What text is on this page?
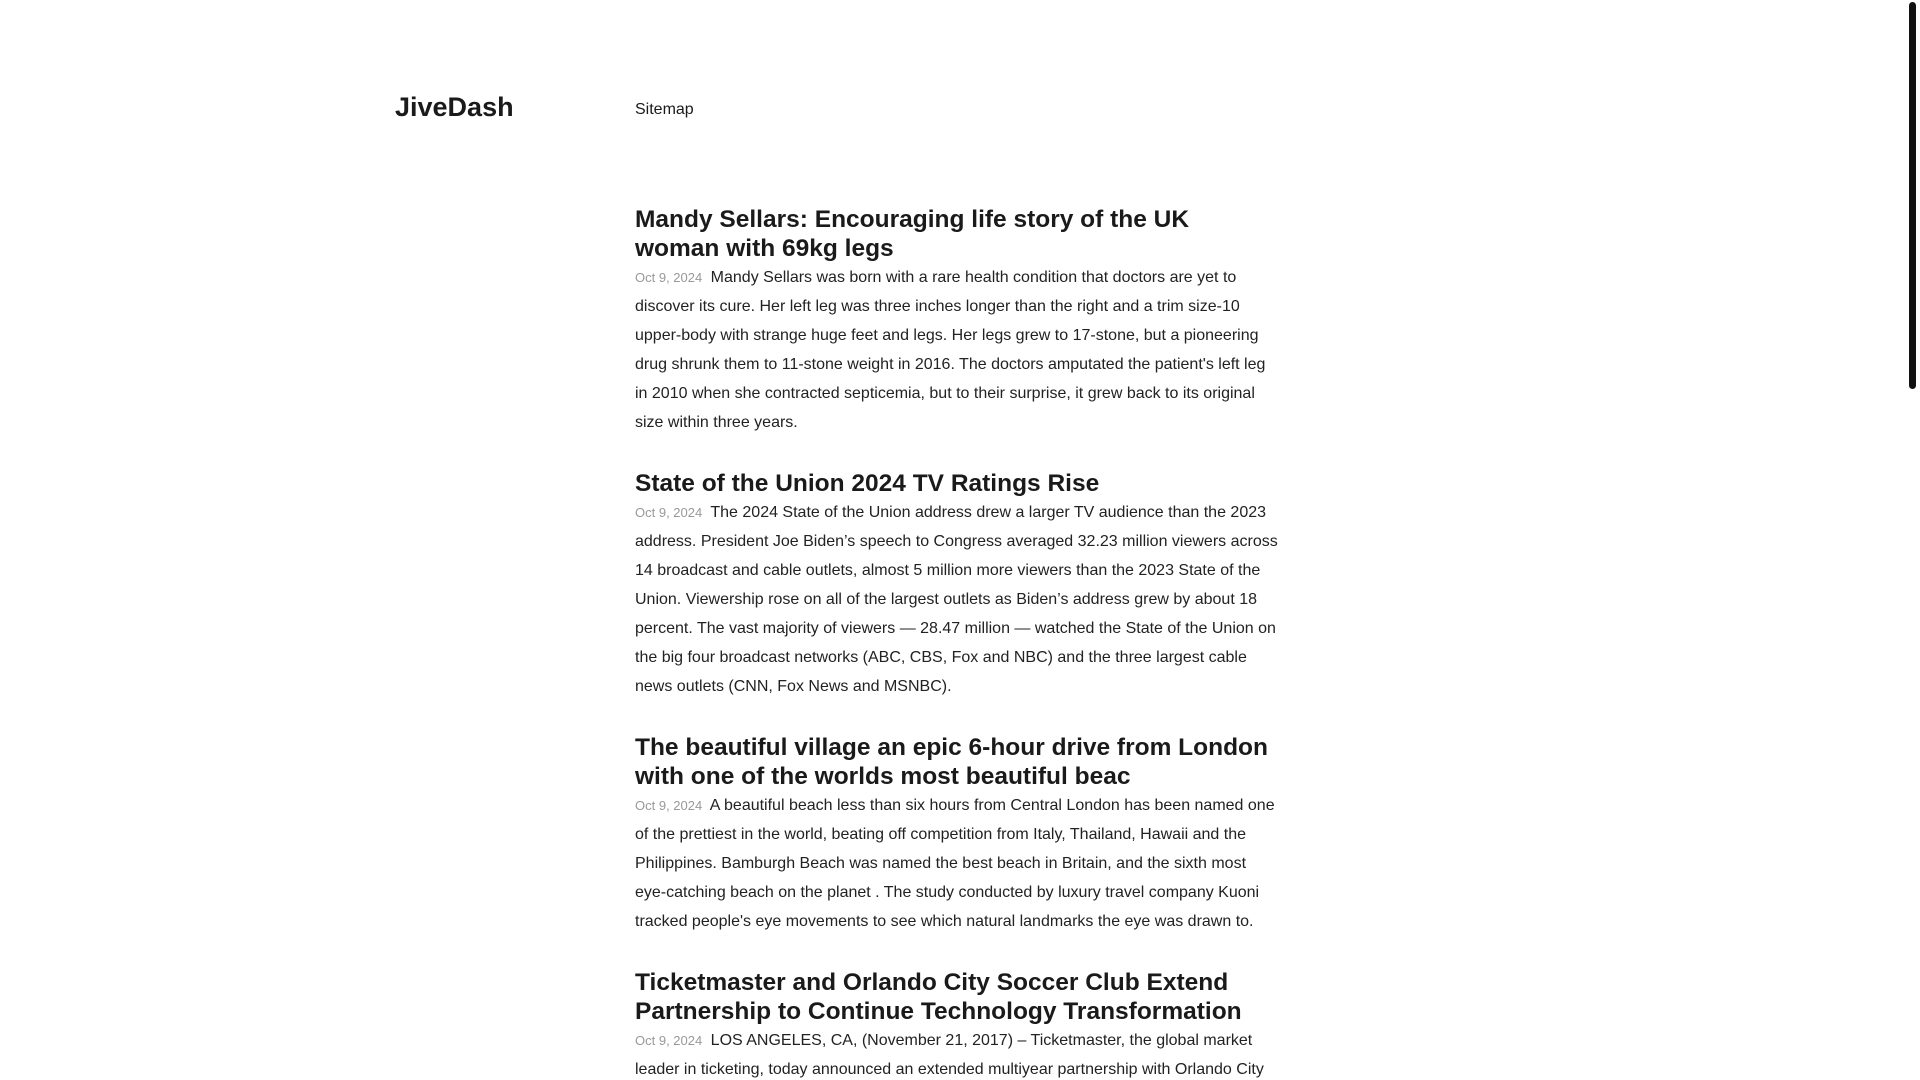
JiveDash	Sitemap
Mandy Sellars: Encouraging life story of the UK woman with 69kg legs

Oct 9, 2024 Mandy Sellars was born with a rare health condition that doctors are yet to discover its cure. Her left leg was three inches longer than the right and a trim size-10 upper-body with strange huge feet and legs. Her legs grew to 17-stone, but a pioneering drug shrunk them to 11-stone weight in 2016. The doctors amputated the patient's left leg in 2010 when she contracted septicemia, but to their surprise, it grew back to its original size within three years.

State of the Union 2024 TV Ratings Rise

Oct 9, 2024 The 2024 State of the Union address drew a larger TV audience than the 2023 address. President Joe Biden’s speech to Congress averaged 32.23 million viewers across 14 broadcast and cable outlets, almost 5 million more viewers than the 2023 State of the Union. Viewership rose on all of the largest outlets as Biden’s address grew by about 18 percent. The vast majority of viewers — 28.47 million — watched the State of the Union on the big four broadcast networks (ABC, CBS, Fox and NBC) and the three largest cable news outlets (CNN, Fox News and MSNBC).

The beautiful village an epic 6-hour drive from London with one of the worlds most beautiful beac

Oct 9, 2024 A beautiful beach less than six hours from Central London has been named one of the prettiest in the world, beating off competition from Italy, Thailand, Hawaii and the Philippines. Bamburgh Beach was named the best beach in Britain, and the sixth most eye-catching beach on the planet . The study conducted by luxury travel company Kuoni tracked people's eye movements to see which natural landmarks the eye was drawn to.

Ticketmaster and Orlando City Soccer Club Extend Partnership to Continue Technology Transformation

Oct 9, 2024 LOS ANGELES, CA, (November 21, 2017) – Ticketmaster, the global market leader in ticketing, today announced an extended multiyear partnership with Orlando City
